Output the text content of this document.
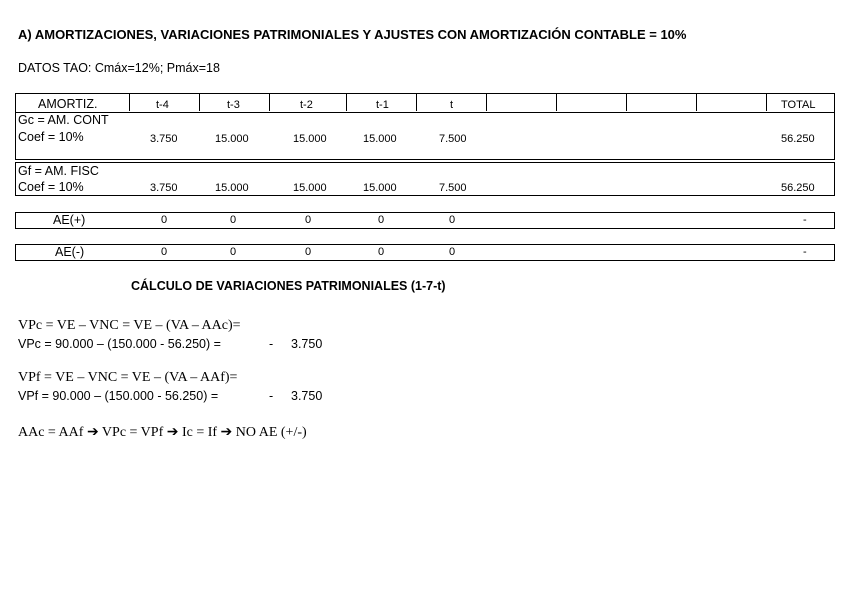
A) AMORTIZACIONES, VARIACIONES PATRIMONIALES Y AJUSTES CON AMORTIZACIÓN CONTABLE = 10%
DATOS TAO: Cmáx=12%; Pmáx=18
AMORTIZ.	t-4	t-3	t-2	t-1	t	TOTAL
Gc = AM. CONT
Coef = 10%	3.750	15.000	15.000	15.000	7.500	56.250
Gf = AM. FISC
Coef = 10%	3.750	15.000	15.000	15.000	7.500	56.250
AE(+)	0	0	0	0	0	-
AE(-)	0	0	0	0	0	-
CÁLCULO DE VARIACIONES PATRIMONIALES (1-7-t)
VPc = VE – VNC = VE – (VA – AAc)=
VPc = 90.000 – (150.000 - 56.250) =	- 3.750
VPf = VE – VNC = VE – (VA – AAf)=
VPf = 90.000 – (150.000 - 56.250) =	- 3.750
AAc = AAf ➔ VPc = VPf ➔ Ic = If ➔ NO AE (+/-)
